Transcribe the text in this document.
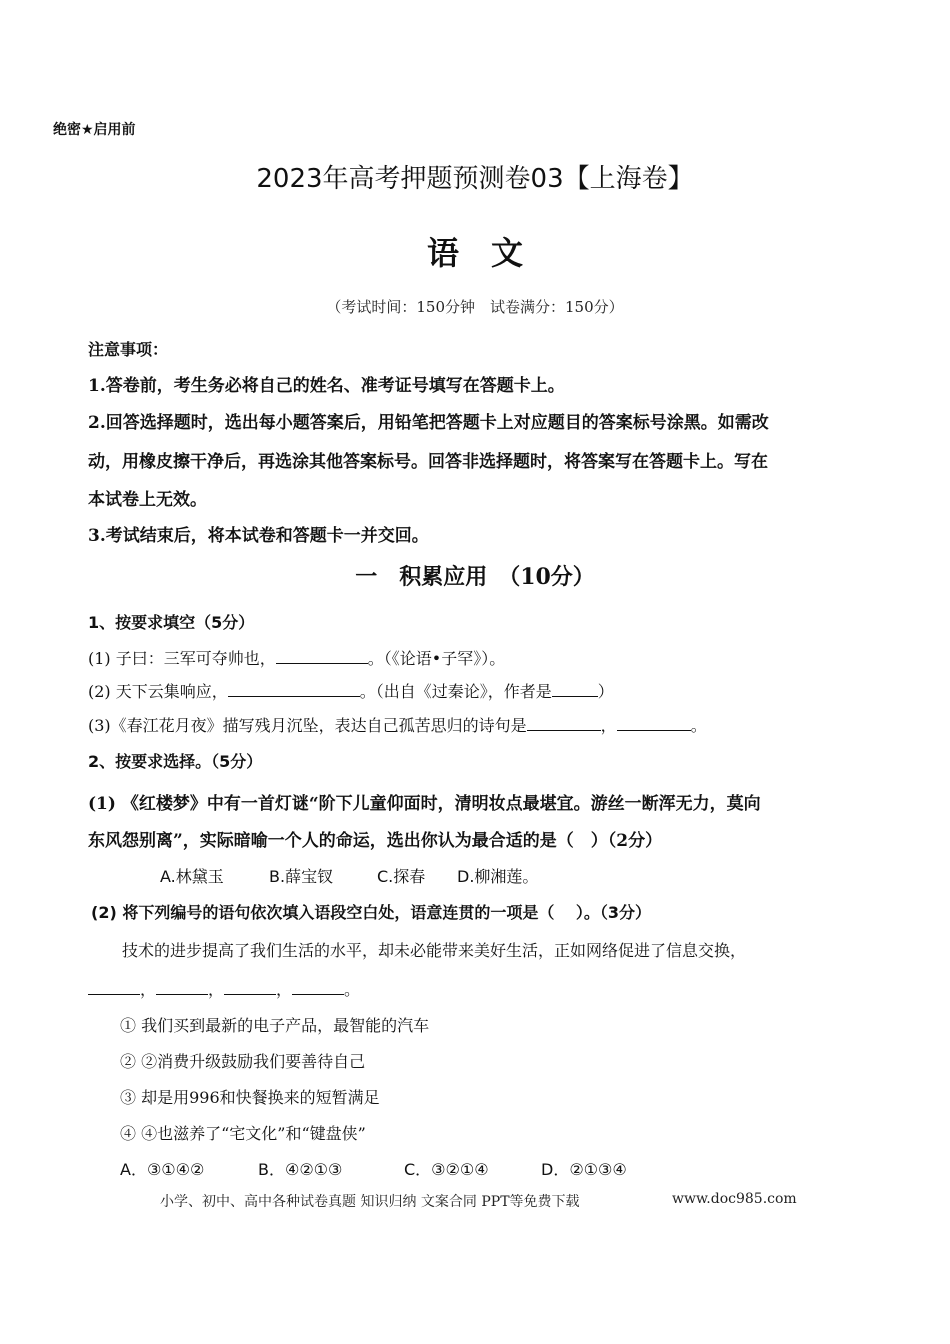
绝密★启用前
2023年高考押题预测卷03【上海卷】
语　文
（考试时间：150分钟　试卷满分：150分）
注意事项：
1.答卷前，考生务必将自己的姓名、准考证号填写在答题卡上。
2.回答选择题时，选出每小题答案后，用铅笔把答题卡上对应题目的答案标号涂黑。如需改
动，用橡皮擦干净后，再选涂其他答案标号。回答非选择题时，将答案写在答题卡上。写在
本试卷上无效。
3.考试结束后，将本试卷和答题卡一并交回。
一　积累应用　（10分）
1、按要求填空（5分）
(1) 子曰：三军可夺帅也，	。（《论语•子罕》）。
(2) 天下云集响应，	。（出自《过秦论》，作者是	）
(3)《春江花月夜》描写残月沉坠，表达自己孤苦思归的诗句是	，	。
2、按要求选择。（5分）
(1) 《红楼梦》中有一首灯谜“阶下儿童仰面时，清明妆点最堪宜。游丝一断浑无力，莫向
东风怨别离”，实际暗喻一个人的命运，选出你认为最合适的是（　）（2分）
A.林黛玉	B.薛宝钗	C.探春 D.柳湘莲。
(2) 将下列编号的语句依次填入语段空白处，语意连贯的一项是（　 ）。（3分）
技术的进步提高了我们生活的水平，却未必能带来美好生活，正如网络促进了信息交换，
，	，	，	。
① 我们买到最新的电子产品，最智能的汽车
② ②消费升级鼓励我们要善待自己
③ 却是用996和快餐换来的短暂满足
④ ④也滋养了“宅文化”和“键盘侠”
A．③①④②	B．④②①③	C．③②①④	D．②①③④
小学、初中、高中各种试卷真题 知识归纳 文案合同 PPT等免费下载	www.doc985.com
